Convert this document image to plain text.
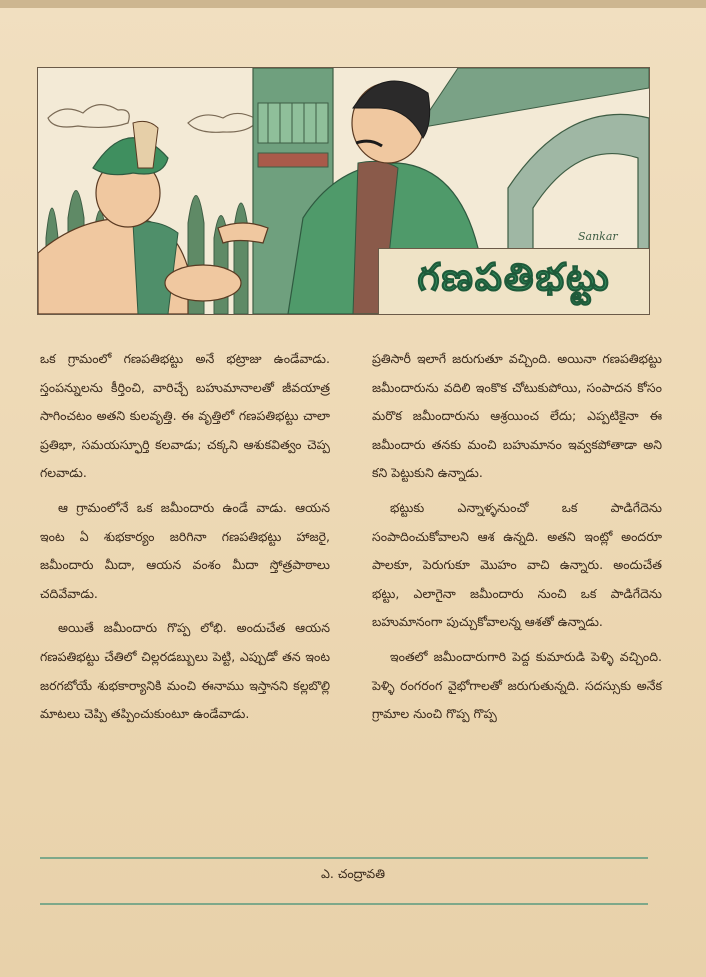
Sankar
గణపతిభట్టు

ఒక గ్రామంలో గణపతిభట్టు అనే భట్రాజు ఉండేవాడు. స్తంపన్నులను కీర్తించి, వారిచ్చే బహుమానాలతో జీవయాత్ర సాగించటం అతని కులవృత్తి. ఈ వృత్తిలో గణపతిభట్టు చాలా ప్రతిభా, సమయస్ఫూర్తి కలవాడు; చక్కని ఆశుకవిత్వం చెప్ప గలవాడు.

ఆ గ్రామంలోనే ఒక జమీందారు ఉండే వాడు. ఆయన ఇంట ఏ శుభకార్యం జరిగినా గణపతిభట్టు హాజరై, జమీందారు మీదా, ఆయన వంశం మీదా స్తోత్రపాఠాలు చదివేవాడు.

అయితే జమీందారు గొప్ప లోభి. అందుచేత ఆయన గణపతిభట్టు చేతిలో చిల్లరడబ్బులు పెట్టి, ఎప్పుడో తన ఇంట జరగబోయే శుభకార్యానికి మంచి ఈనాము ఇస్తానని కల్లబొల్లి మాటలు చెప్పి తప్పించుకుంటూ ఉండేవాడు.

ప్రతిసారీ ఇలాగే జరుగుతూ వచ్చింది. అయినా గణపతిభట్టు జమీందారును వదిలి ఇంకొక చోటుకుపోయి, సంపాదన కోసం మరొక జమీందారును ఆశ్రయించ లేదు; ఎప్పటికైనా ఈ జమీందారు తనకు మంచి బహుమానం ఇవ్వకపోతాడా అని కని పెట్టుకుని ఉన్నాడు.

భట్టుకు ఎన్నాళ్ళనుంచో ఒక పాడిగేదెను సంపాదించుకోవాలని ఆశ ఉన్నది. అతని ఇంట్లో అందరూ పాలకూ, పెరుగుకూ మొహం వాచి ఉన్నారు. అందుచేత భట్టు, ఎలాగైనా జమీందారు నుంచి ఒక పాడిగేదెను బహుమానంగా పుచ్చుకోవాలన్న ఆశతో ఉన్నాడు.

ఇంతలో జమీందారుగారి పెద్ద కుమారుడి పెళ్ళి వచ్చింది. పెళ్ళి రంగరంగ వైభోగాలతో జరుగుతున్నది. సదస్సుకు అనేక గ్రామాల నుంచి గొప్ప గొప్ప

ఎ. చంద్రావతి
